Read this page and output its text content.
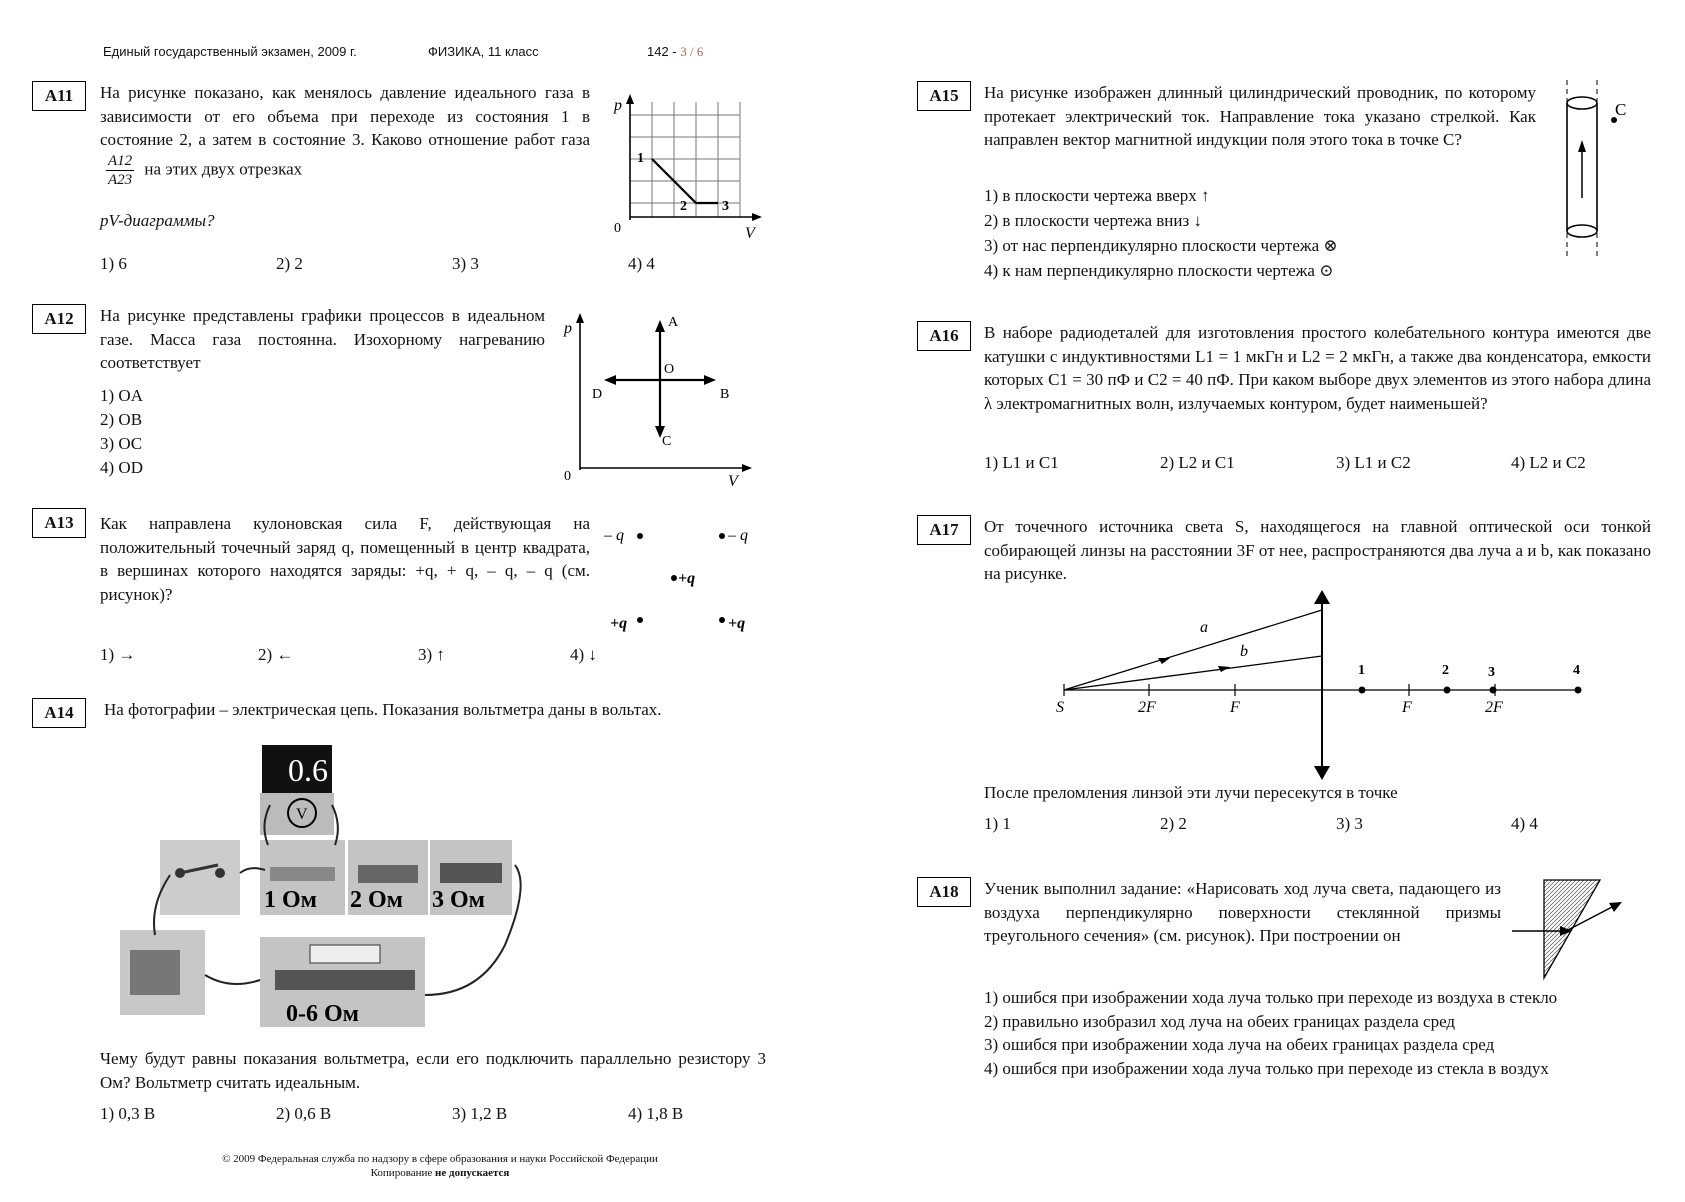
Единый государственный экзамен, 2009 г.	ФИЗИКА, 11 класс	142 - 3 / 6
А11	На рисунке показано, как менялось давление идеального газа в зависимости от его объема при переходе из состояния 1 в состояние 2, а затем в состояние 3. Каково отношение работ газа
$\frac{A12}{A23}$ на этих двух отрезках
pV-диаграммы?
1) 6	2) 2	3) 3	4) 4
p
V
0
1
2	3
А12	На рисунке представлены графики процессов в идеальном газе. Масса газа постоянна. Изохорному нагреванию соответствует
1) OA
2) OB
3) OC
4) OD
p
V
0
A
B
C
D
O
А13	Как направлена кулоновская сила F, действующая на положительный точечный заряд q, помещенный в центр квадрата, в вершинах которого находятся заряды: +q, + q, – q, – q (см. рисунок)?
1) →	2) ←	3) ↑	4) ↓
– q	– q
+q
+q	+q
А14	На фотографии – электрическая цепь. Показания вольтметра даны в вольтах.
0.6
V
1 Ом 2 Ом 3 Ом
0-6 Ом
Чему будут равны показания вольтметра, если его подключить параллельно резистору 3 Ом? Вольтметр считать идеальным.
1) 0,3 В	2) 0,6 В	3) 1,2 В	4) 1,8 В
© 2009 Федеральная служба по надзору в сфере образования и науки Российской Федерации
Копирование не допускается
А15	На рисунке изображен длинный цилиндрический проводник, по которому протекает электрический ток. Направление тока указано стрелкой. Как направлен вектор магнитной индукции поля этого тока в точке С?
1) в плоскости чертежа вверх ↑
2) в плоскости чертежа вниз ↓
3) от нас перпендикулярно плоскости чертежа ⊗
4) к нам перпендикулярно плоскости чертежа ⊙
C
А16	В наборе радиодеталей для изготовления простого колебательного контура имеются две катушки с индуктивностями L1 = 1 мкГн и L2 = 2 мкГн, а также два конденсатора, емкости которых C1 = 30 пФ и C2 = 40 пФ. При каком выборе двух элементов из этого набора длина λ электромагнитных волн, излучаемых контуром, будет наименьшей?
1) L1 и C1	2) L2 и C1	3) L1 и C2	4) L2 и C2
А17	От точечного источника света S, находящегося на главной оптической оси тонкой собирающей линзы на расстоянии 3F от нее, распространяются два луча a и b, как показано на рисунке.
S
a
b
2F	F	F	2F
1	2	3	4
После преломления линзой эти лучи пересекутся в точке
1) 1	2) 2	3) 3	4) 4
А18	Ученик выполнил задание: «Нарисовать ход луча света, падающего из воздуха перпендикулярно поверхности стеклянной призмы треугольного сечения» (см. рисунок). При построении он
1) ошибся при изображении хода луча только при переходе из воздуха в стекло
2) правильно изобразил ход луча на обеих границах раздела сред
3) ошибся при изображении хода луча на обеих границах раздела сред
4) ошибся при изображении хода луча только при переходе из стекла в воздух
